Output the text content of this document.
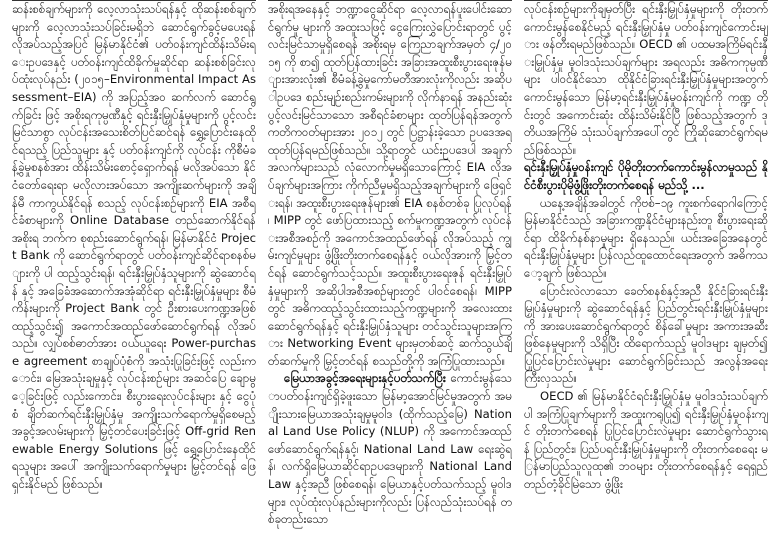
ဆန်းစစ်ချက်များကို လေ့လာသုံးသပ်ရန်နှင့် ထိုဆန်းစစ်ချက်များကို လေ့လာသုံးသပ်ခြင်းမရှိဘဲ ဆောင်ရွက်ခွင့်မပေးရန် လိုအပ်သည့်အပြင် မြန်မာနိုင်ငံ၏ ပတ်ဝန်းကျင်ထိန်းသိမ်းရေးဥပဒေနှင့် ပတ်ဝန်းကျင်ထိခိုက်မှုဆိုင်ရာ ဆန်းစစ်ခြင်းလုပ်ထုံးလုပ်နည်း (၂၀၁၅–Environmental Impact Assessment–EIA) ကို အပြည့်အဝ ဆက်လက် ဆောင်ရွက်ခြင်း ဖြင့် အစိုးရကုမ္ပဏီနှင့် ရင်းနှီးမြှုပ်နှံမှုများကို ပွင့်လင်းမြင်သာစွာ လုပ်ငန်းအသေးစိတ်ပြင်ဆင်ရန် ရွှေ့ပြောင်းနေထိုင်ရသည့် ပြည်သူများ နှင့် ပတ်ဝန်းကျင်ကို လုပ်ငန်း ကိုစီမံခန့်ခွဲမှုစနစ်အား ထိန်းသိမ်းစောင့်ရှောက်ရန် မလိုအပ်သော နိုင်ငံတော်ရေးရာ မလိုလားအပ်သော အကျိုးဆက်များကို အချိန်မီ ကာကွယ်နိုင်ရန် စသည့် လုပ်ငန်းစဉ်များကို EIA အစီရင်ခံစာများကို Online Database တည်ဆောက်နိုင်ရန် အစိုးရ ဘက်က စုစည်းဆောင်ရွက်ရန်၊ မြန်မာနိုင်ငံ Project Bank ကို ဆောင်ရွက်ရာတွင် ပတ်ဝန်းကျင်ဆိုင်ရာစနစ်များကို ပါ ထည့်သွင်းရန်၊ ရင်းနှီးမြှုပ်နှံသူများကို ဆွဲဆောင်ရန် နှင့် အခြေခံအဆောက်အအုံဆိုင်ရာ ရင်းနှီးမြှုပ်နှံမှုများ စီမံကိန်းများကို Project Bank တွင် ဦးစားပေးကဏ္ဍအဖြစ် ထည့်သွင်း၍ အကောင်အထည်ဖော်ဆောင်ရွက်ရန် လိုအပ်သည်။ လျှပ်စစ်ဓာတ်အား ဝယ်ယူရေး Power-purchase agreement စာချုပ်ပုံစံကို အသုံးပြုခြင်းဖြင့် လည်းကောင်း၊ မြေအသုံးချမှုနှင့် လုပ်ငန်းစဉ်များ အဆင်ပြေ ချောမွေ့ခြင်းဖြင့် လည်းကောင်း၊ စီးပွားရေးလုပ်ငန်းများ နှင့် ငွေပုံစံ ချိတ်ဆက်ရင်းနှီးမြှုပ်နှံမှု အကျိုးသက်ရောက်မှုရှိစေမည့် အခွင့်အလမ်းများကို မြှင့်တင်ပေးခြင်းဖြင့် Off-grid Renewable Energy Solutions ဖြင့် ရွှေ့ပြောင်းနေထိုင်ရသူများ အပေါ် အကျိုးသက်ရောက်မှုများ မြှင့်တင်ရန် ဖြေရှင်းနိုင်မည် ဖြစ်သည်။

အစိုးရအနေနှင့် ဘဏ္ဍာငွေဆိုင်ရာ လေ့လာရန်ပူးပေါင်းဆောင်ရွက်မှု များကို အထူးသဖြင့် ငွေကြေးလွှဲပြောင်းရာတွင် ပွင့်လင်းမြင်သာမှုရှိစေရန် အစိုးရမှ ကြေညာချက်အမှတ် ၄/၂၀၁၅ ကို စာ၍ ထုတ်ပြန်ထားခြင်း အခြားအထူးစီးပွားရေးဇုန်များအားလုံး၏ စီမံခန့်ခွဲမှုကော်မတီအားလုံးကိုလည်း အဆိုပါဥပဒေ စည်းမျဉ်းစည်းကမ်းများကို လိုက်နာရန် အနည်းဆုံး ပွင့်လင်းမြင်သာသော အစီရင်ခံစာများ ထုတ်ပြန်ရန်အတွက် ကတိကဝတ်များအား ၂၀၁၂ တွင် ပြဋ္ဌာန်းခဲ့သော ဥပဒေအရ ထုတ်ပြန်ရမည်ဖြစ်သည်။ သို့ရာတွင် ယင်းဥပဒေပါ အချက်အလက်များသည် လုံလောက်မှုမရှိသောကြောင့် EIA လိုအပ်ချက်များအကြား ကိုက်ညီမှုမရှိသည့်အချက်များကို ဖြေရှင်းရန်၊ အထူးစီးပွားရေးဇုန်များ၏ EIA စနစ်တစ်ခု ပြုလုပ်ရန်၊ MIPP တွင် ဖော်ပြထားသည့် စက်မှုကဏ္ဍအတွက် လုပ်ငန်းအစီအစဉ်ကို အကောင်အထည်ဖော်ရန် လိုအပ်သည့် ကျွမ်းကျင်မှုများ ဖွံ့ဖြိုးတိုးတက်စေရန်နှင့် ဝယ်လိုအားကို မြှင့်တင်ရန် ဆောင်ရွက်သင့်သည်။ အထူးစီးပွားရေးဇုန် ရင်းနှီးမြှုပ်နှံမှုများကို အဆိုပါအစီအစဉ်များတွင် ပါဝင်စေရန်၊ MIPP တွင် အဓိကထည့်သွင်းထားသည့်ကဏ္ဍများကို အလေးထားဆောင်ရွက်ရန်နှင့် ရင်းနှီးမြှုပ်နှံသူများ တင်သွင်းသူများအကြား Networking Event များမှတစ်ဆင့် ဆက်သွယ်ချိတ်ဆက်မှုကို မြှင့်တင်ရန် စသည်တို့ကို အကြံပြုထားသည်။

မြေယာအခွင့်အရေးများနှင့်ပတ်သက်ပြီး ကောင်းမွန်သောပတ်ဝန်းကျင်ရှိခဲ့ဖူးသော မြန်မာ့အောင်မြင်မှုအတွက် အမျိုးသားမြေယာအသုံးချမှုမူဝါဒ (ထိုက်သည့်မြေ) National Land Use Policy (NLUP) ကို အကောင်အထည်ဖော်ဆောင်ရွက်ရန်နှင့်၊ National Land Law ရေးဆွဲရန်၊ လက်ရှိမြေယာဆိုင်ရာဥပဒေများကို National Land Law နှင့်အညီ ဖြစ်စေရန်၊ မြေယာနှင့်ပတ်သက်သည့် မူဝါဒများ၊ လုပ်ထုံးလုပ်နည်းများကိုလည်း ပြန်လည်သုံးသပ်ရန် တစ်ခုတည်းသော

လုပ်ငန်းစဉ်များကိုချမှတ်ပြီး ရင်းနှီးမြှုပ်နှံမှုများကို တိုးတက်ကောင်းမွန်စေနိုင်မည့် ရင်းနှီးမြှုပ်နှံမှု ပတ်ဝန်းကျင်ကောင်းများ ဖန်တီးရမည်ဖြစ်သည်။ OECD ၏ ပထမအကြိမ်ရင်းနှီးမြှုပ်နှံမှု မူဝါဒသုံးသပ်ချက်များ အရလည်း အဓိကကုမ္ပဏီများ ပါဝင်နိုင်သော ထိုနိုင်ငံခြားရင်းနှီးမြှုပ်နှံမှုများအတွက် ကောင်းမွန်သော မြန်မာ့ရင်းနှီးမြှုပ်နှံမှုဝန်းကျင်ကို ကဏ္ဍ တိုင်းတွင် အကောင်းဆုံး ထိန်းသိမ်းနိုင်ပြီ ဖြစ်သည့်အတွက် ဒုတိယအကြိမ် သုံးသပ်ချက်အပေါ်တွင် ကြိုဆိုဆောင်ရွက်ရမည်ဖြစ်သည်။

ရင်းနှီးမြှုပ်နှံမှုဝန်းကျင် ပိုမိုတိုးတက်ကောင်းမွန်လာမှုသည် နိုင်ငံစီးပွားပိုမိုဖွံ့ဖြိုးတိုးတက်စေရန် မည်သို့ ...

ယနေ့အချိန်အခါတွင် ကိုဗစ်–၁၉ ကူးစက်ရောဂါကြောင့် မြန်မာနိုင်ငံသည် အခြားကဏ္ဍနိုင်ငံများနည်းတူ စီးပွားရေးဆိုင်ရာ ထိခိုက်နစ်နာမှုများ ရှိနေသည်။ ယင်းအခြေအနေတွင် ရင်းနှီးမြှုပ်နှံမှုများ ပြန်လည်ထူထောင်ရေးအတွက် အဓိကသော့ချက် ဖြစ်သည်။

ပြောင်းလဲလာသော ခေတ်စနစ်နှင့်အညီ နိုင်ငံခြားရင်းနှီးမြှုပ်နှံမှုများကို ဆွဲဆောင်ရန်နှင့် ပြည်တွင်းရင်းနှီးမြှုပ်နှံမှုများကို အားပေးဆောင်ရွက်ရာတွင် စိန်ခေါ်မှုများ အကားအဆီးဖြစ်နေမှုများကို သိရှိပြီး ထိရောက်သည့် မူဝါဒများ ချမှတ်၍ ပြုပြင်ပြောင်းလဲမှုများ ဆောင်ရွက်ခြင်းသည် အလွန်အရေးကြီးလှသည်။

OECD ၏ မြန်မာနိုင်ငံရင်းနှီးမြှုပ်နှံမှု မူဝါဒသုံးသပ်ချက်ပါ အကြံပြုချက်များကို အထူးကရုပြု၍ ရင်းနှီးမြှုပ်နှံမှုဝန်းကျင် တိုးတက်စေရန် ပြုပြင်ပြောင်းလဲမှုများ ဆောင်ရွက်သွားရန် ပြည်တွင်း၊ ပြည်ပရင်းနှီးမြှုပ်နှံမှုများကို တိုးတက်စေရေး မြန်မာပြည်သူလူထု၏ ဘဝများ တိုးတက်စေရန်နှင့် ရေရှည်တည်တံ့ခိုင်မြဲသော ဖွံ့ဖြိုး
